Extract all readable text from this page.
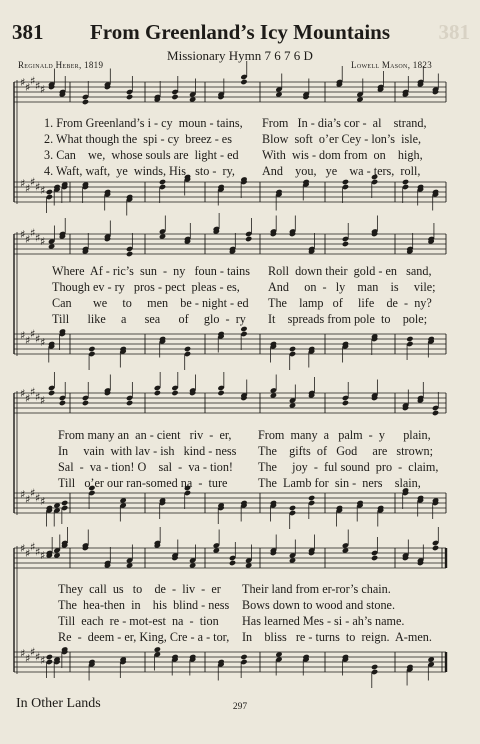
381	381
From Greenland’s Icy Mountains
Missionary Hymn 7 6 7 6 D
Reginald Heber, 1819	Lowell Mason, 1823
♯ ♯ ♯ ♯ ♯
♯ ♯ ♯ ♯ ♯
♯ ♯ ♯ ♯ ♯
♯ ♯ ♯ ♯ ♯
♯ ♯ ♯ ♯ ♯
♯ ♯ ♯ ♯ ♯
♯ ♯ ♯ ♯ ♯
♯ ♯ ♯ ♯ ♯
1. From Greenland’s i - cy  moun - tains, From   In - dia’s cor -  al    strand,
2. What though the  spi - cy  breez - es Blow  soft  o’er Cey - lon’s  isle,
3. Can    we,  whose souls are  light - ed With  wis - dom from  on    high,
4. Waft, waft,  ye  winds, His   sto -  ry, And    you,   ye    wa - ters,  roll,
Where  Af - ric’s  sun  -  ny   foun - tains Roll  down their  gold - en   sand,
Though ev - ry   pros - pect  pleas - es, And     on  -   ly    man    is     vile;
Can       we     to     men    be - night - ed The    lamp   of     life    de  -  ny?
Till      like     a      sea      of     glo  -  ry It    spreads from pole  to    pole;
From many an  an - cient   riv  -  er, From  many  a   palm  -  y      plain,
In     vain  with lav - ish   kind - ness The    gifts  of   God     are   strown;
Sal  -  va - tion! O    sal  -  va - tion! The     joy  -  ful sound  pro  -  claim,
Till   o’er our ran-somed na  -  ture	The  Lamb for  sin -  ners    slain,
They  call  us   to    de  -  liv  -  er Their land from er-ror’s chain.
The  hea-then  in    his  blind - ness Bows down to wood and stone.
Till  each  re - mot-est  na  -  tion Has learned Mes - si - ah’s name.
Re  -  deem - er, King, Cre - a - tor, In    bliss   re - turns  to  reign.  A-men.
In Other Lands	297
